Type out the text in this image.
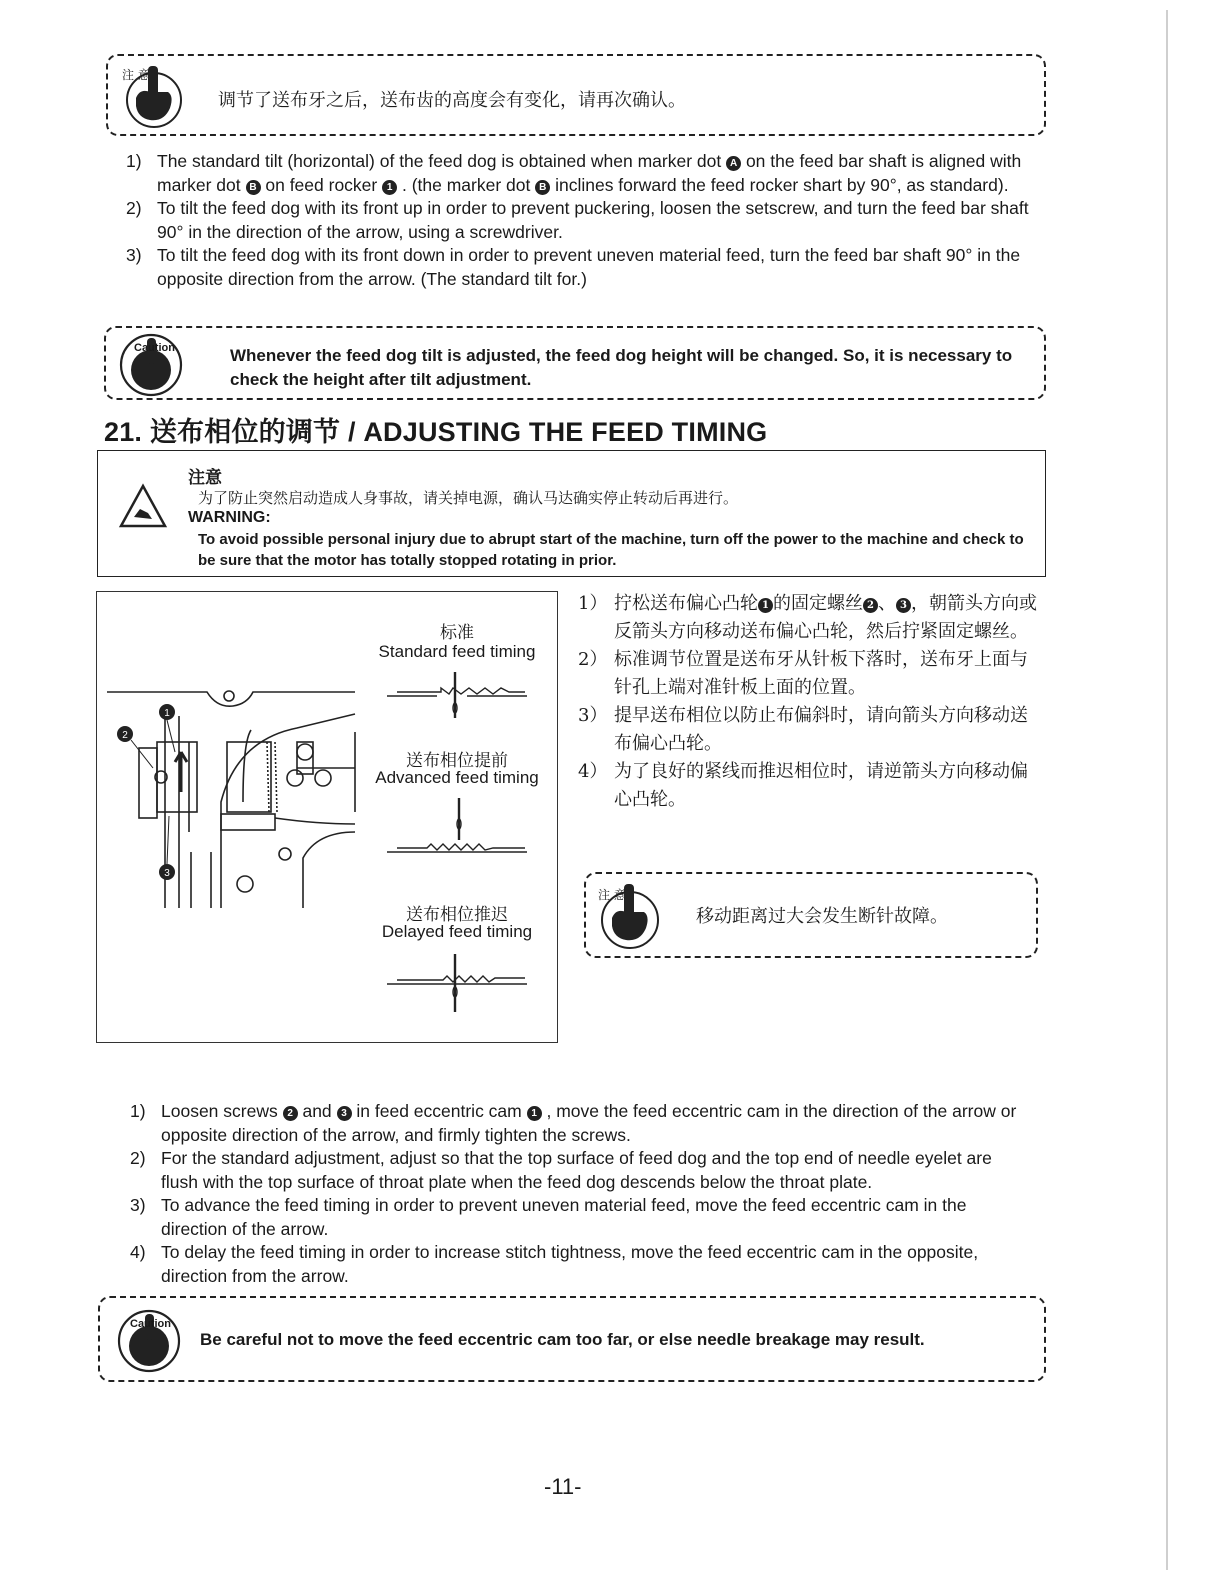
注 意
调节了送布牙之后，送布齿的高度会有变化，请再次确认。
1) The standard tilt (horizontal) of the feed dog is obtained when marker dot A on the feed bar shaft is aligned with marker dot B on feed rocker 1 . (the marker dot B inclines forward the feed rocker shart by 90°, as standard).
2) To tilt the feed dog with its front up in order to prevent puckering, loosen the setscrew, and turn the feed bar shaft 90° in the direction of the arrow, using a screwdriver.
3) To tilt the feed dog with its front down in order to prevent uneven material feed, turn the feed bar shaft 90° in the opposite direction from the arrow. (The standard tilt for.)
Caution	Whenever the feed dog tilt is adjusted, the feed dog height will be changed. So, it is necessary to check the height after tilt adjustment.
21. 送布相位的调节 / ADJUSTING THE FEED TIMING
注意
为了防止突然启动造成人身事故，请关掉电源，确认马达确实停止转动后再进行。
WARNING:
To avoid possible personal injury due to abrupt start of the machine, turn off the power to the machine and check to be sure that the motor has totally stopped rotating in prior.
1
2
3
标准
Standard feed timing
送布相位提前
Advanced feed timing
送布相位推迟
Delayed feed timing
1） 拧松送布偏心凸轮 1 的固定螺丝 2 、 3 ，朝箭头方向或反箭头方向移动送布偏心凸轮，然后拧紧固定螺丝。
2） 标准调节位置是送布牙从针板下落时，送布牙上面与针孔上端对准针板上面的位置。
3） 提早送布相位以防止布偏斜时，请向箭头方向移动送布偏心凸轮。
4） 为了良好的紧线而推迟相位时，请逆箭头方向移动偏心凸轮。
注 意
移动距离过大会发生断针故障。
1) Loosen screws 2 and 3 in feed eccentric cam 1 , move the feed eccentric cam in the direction of the arrow or opposite direction of the arrow, and firmly tighten the screws.
2) For the standard adjustment, adjust so that the top surface of feed dog and the top end of needle eyelet are flush with the top surface of throat plate when the feed dog descends below the throat plate.
3) To advance the feed timing in order to prevent uneven material feed, move the feed eccentric cam in the direction of the arrow.
4) To delay the feed timing in order to increase stitch tightness, move the feed eccentric cam in the opposite, direction from the arrow.
Caution
Be careful not to move the feed eccentric cam too far, or else needle breakage may result.
-11-
